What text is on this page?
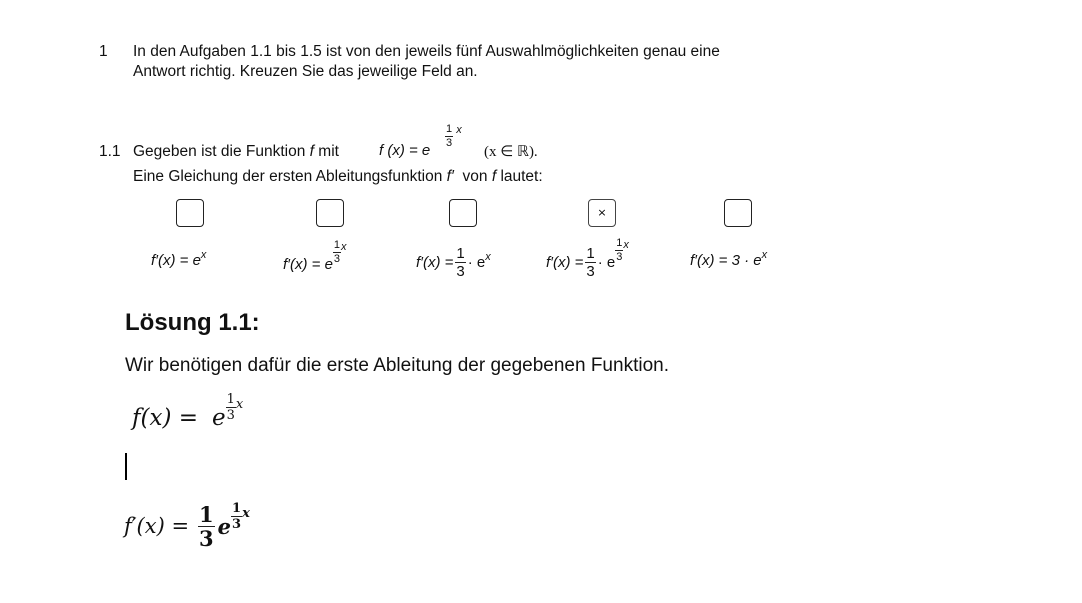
1 In den Aufgaben 1.1 bis 1.5 ist von den jeweils fünf Auswahlmöglichkeiten genau eine
Antwort richtig. Kreuzen Sie das jeweilige Feld an.
1.1 Gegeben ist die Funktion f mit	f (x) = e
$\frac{1}{3}$ x
(x ∈ ℝ).
Eine Gleichung der ersten Ableitungsfunktion f′ von f lautet:
×
f′(x) = e x
f′(x) = e $\frac{1}{3}$ x
$f'(x) = \frac{1}{3} \cdot e$ x	$f'(x) = \frac{1}{3} \cdot e \frac{1}{3}$ x
f′(x) = 3 · e x
Lösung 1.1:
Wir benötigen dafür die erste Ableitung der gegebenen Funktion.
f(x) = e $\frac{1}{3}$ x
$f'(x) = \frac{1}{3}$ e $\frac{1}{3}$ x
